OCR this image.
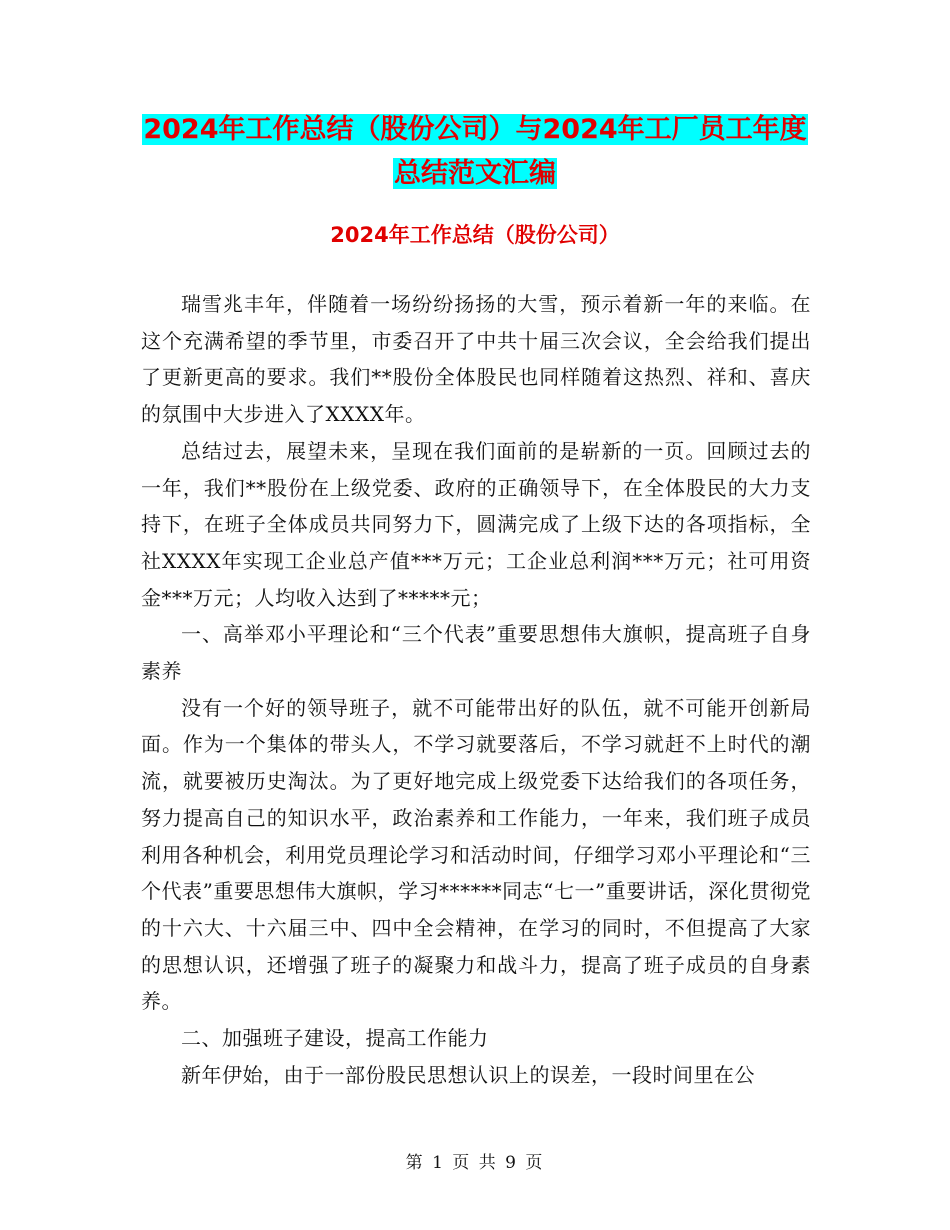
2024年工作总结（股份公司）与2024年工厂员工年度
总结范文汇编
2024年工作总结（股份公司）

瑞雪兆丰年，伴随着一场纷纷扬扬的大雪，预示着新一年的来临。在这个充满希望的季节里，市委召开了中共十届三次会议，全会给我们提出了更新更高的要求。我们**股份全体股民也同样随着这热烈、祥和、喜庆的氛围中大步进入了XXXX年。

总结过去，展望未来，呈现在我们面前的是崭新的一页。回顾过去的一年，我们**股份在上级党委、政府的正确领导下，在全体股民的大力支持下，在班子全体成员共同努力下，圆满完成了上级下达的各项指标，全社XXXX年实现工企业总产值***万元；工企业总利润***万元；社可用资金***万元；人均收入达到了*****元；

一、高举邓小平理论和“三个代表”重要思想伟大旗帜，提高班子自身素养

没有一个好的领导班子，就不可能带出好的队伍，就不可能开创新局面。作为一个集体的带头人，不学习就要落后，不学习就赶不上时代的潮流，就要被历史淘汰。为了更好地完成上级党委下达给我们的各项任务，努力提高自己的知识水平，政治素养和工作能力，一年来，我们班子成员利用各种机会，利用党员理论学习和活动时间，仔细学习邓小平理论和“三个代表”重要思想伟大旗帜，学习******同志“七一”重要讲话，深化贯彻党的十六大、十六届三中、四中全会精神，在学习的同时，不但提高了大家的思想认识，还增强了班子的凝聚力和战斗力，提高了班子成员的自身素养。

二、加强班子建设，提高工作能力

新年伊始，由于一部份股民思想认识上的误差，一段时间里在公

第 1 页 共 9 页
